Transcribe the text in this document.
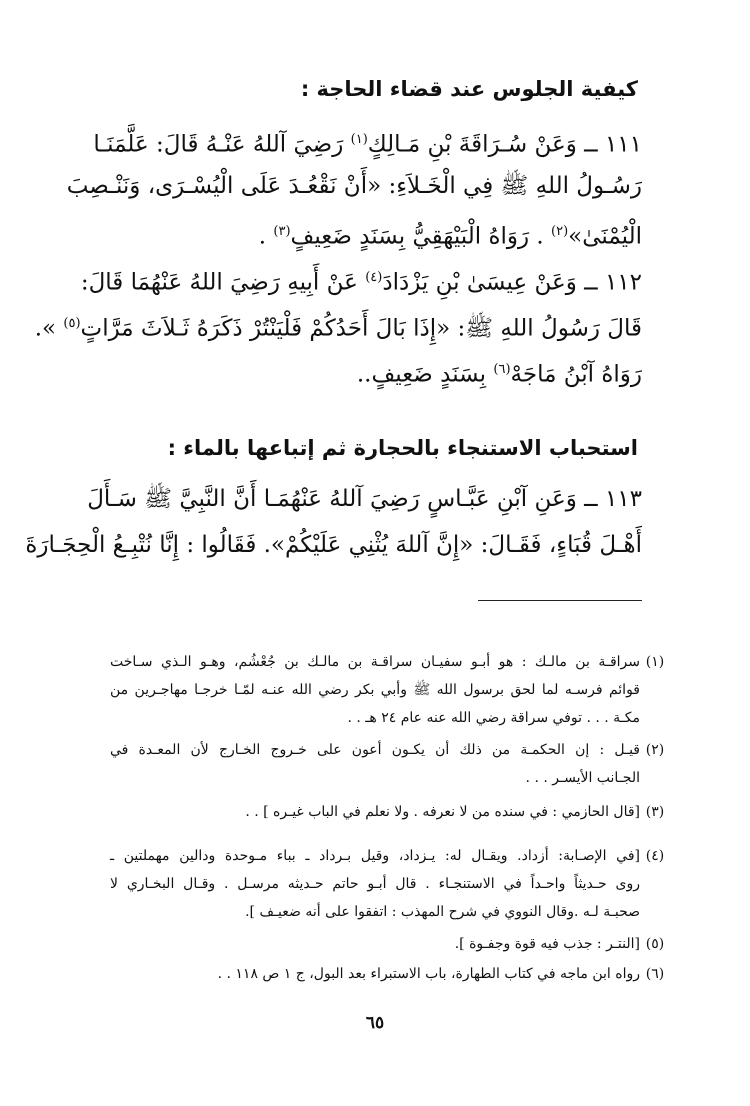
كيفية الجلوس عند قضاء الحاجة :
١١١ ــ وَعَنْ سُـرَاقَةَ بْنِ مَـالِكٍ$^{(١)}$ رَضِيَ آللهُ عَنْـهُ قَالَ: عَلَّمَنَـا
رَسُـولُ اللهِ ﷺ فِي الْخَـلاَءِ: «أَنْ نَقْعُـدَ عَلَى الْيُسْـرَى، وَنَنْـصِبَ
الْيُمْنَىٰ»$^{(٢)}$ . رَوَاهُ الْبَيْهَقِيُّ بِسَنَدٍ ضَعِيفٍ$^{(٣)}$ .
١١٢ ــ وَعَنْ عِيسَىٰ بْنِ يَزْدَادَ$^{(٤)}$ عَنْ أَبِيهِ رَضِيَ اللهُ عَنْهُمَا قَالَ:
قَالَ رَسُولُ اللهِ ﷺ: «إِذَا بَالَ أَحَدُكُمْ فَلْيَنْتُرْ ذَكَرَهُ ثَـلاَثَ مَرَّاتٍ$^{(٥)}$ ».
رَوَاهُ آبْنُ مَاجَهْ$^{(٦)}$ بِسَنَدٍ ضَعِيفٍ..
استحباب الاستنجاء بالحجارة ثم إتباعها بالماء :
١١٣ ــ وَعَنِ آبْنِ عَبَّـاسٍ رَضِيَ آللهُ عَنْهُمَـا أَنَّ النَّبِيَّ ﷺ سَـأَلَ
أَهْـلَ قُبَاءٍ، فَقَـالَ: «إِنَّ آللهَ يُثْنِي عَلَيْكُمْ». فَقَالُوا : إِنَّا نُتْبِـعُ الْحِجَـارَةَ
(١)
سراقـة بن مالـك : هو أبـو سفيـان سراقـة بن مالـك بن جُعْشُم، وهـو الـذي سـاخت
قوائم فرسـه لما لحق برسول الله ﷺ وأبي بكر رضي الله عنـه لمّـا خرجـا مهاجـرين من
مكـة . . . توفي سراقة رضي الله عنه عام ٢٤ هـ . .
(٢)
قيـل : إن الحكمـة من ذلك أن يكـون أعون على خـروج الخـارج لأن المعـدة في
الجـانب الأيسـر . . .
(٣)
[قال الحازمي : في سنده من لا نعرفه . ولا نعلم في الباب غيـره ] . .
(٤)
[في الإصـابة: أزداد. ويقـال له: يـزداد، وقيل بـرداد ـ بباء مـوحدة ودالين مهملتين ـ
روى حـديثاً واحـداً في الاستنجـاء . قال أبـو حاتم حـديثه مرسـل . وقـال البخـاري لا
صحبـة لـه .وقال النووي في شرح المهذب : اتفقوا على أنه ضعيـف ].
(٥)
[النتـر : جذب فيه قوة وجفـوة ].
(٦)
رواه ابن ماجه في كتاب الطهارة، باب الاستبراء بعد البول، ج ١ ص ١١٨ . .
٦٥
